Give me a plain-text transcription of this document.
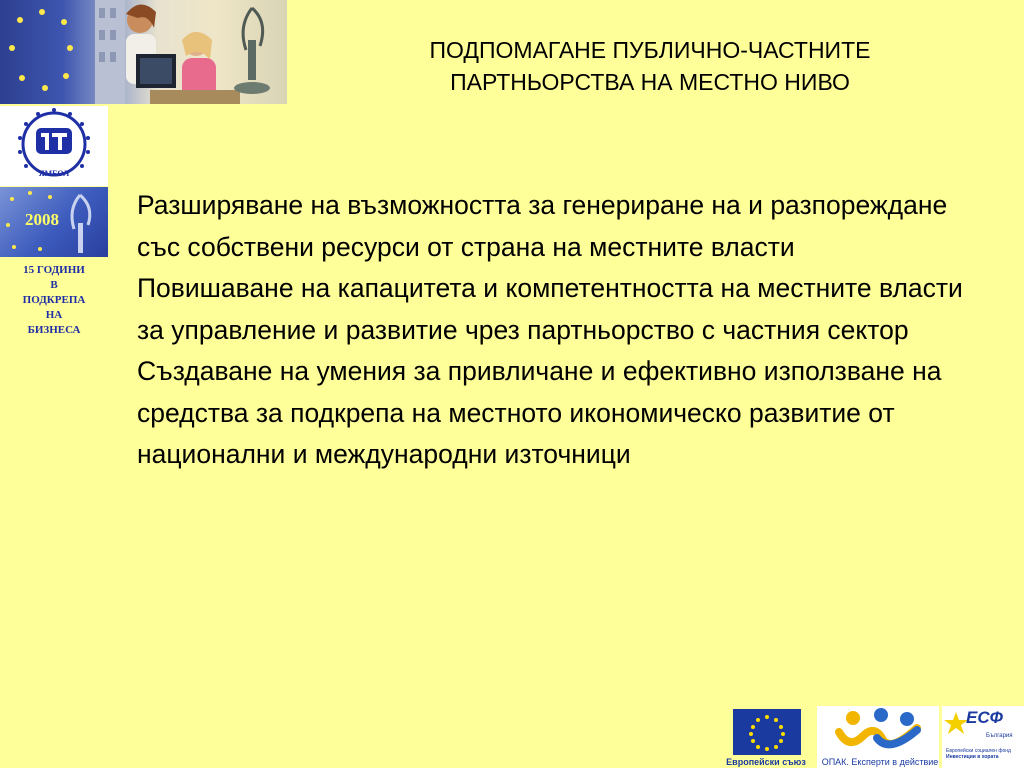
ЯМБОЛ
2008
15 ГОДИНИ
В
ПОДКРЕПА
НА
БИЗНЕСА
ПОДПОМАГАНЕ ПУБЛИЧНО-ЧАСТНИТЕ
ПАРТНЬОРСТВА НА МЕСТНО НИВО

Разширяване на възможността за генериране на и разпореждане със собствени ресурси от страна на местните власти

Повишаване на капацитета и компетентността на местните власти за управление и развитие чрез партньорство с частния сектор

Създаване на умения за привличане и ефективно използване на средства за подкрепа на местното икономическо развитие от национални и международни източници

Европейски съюз	ОПАК. Експерти в действие
България
ЕСФ
Европейски социален фонд
Инвестиции в хората
